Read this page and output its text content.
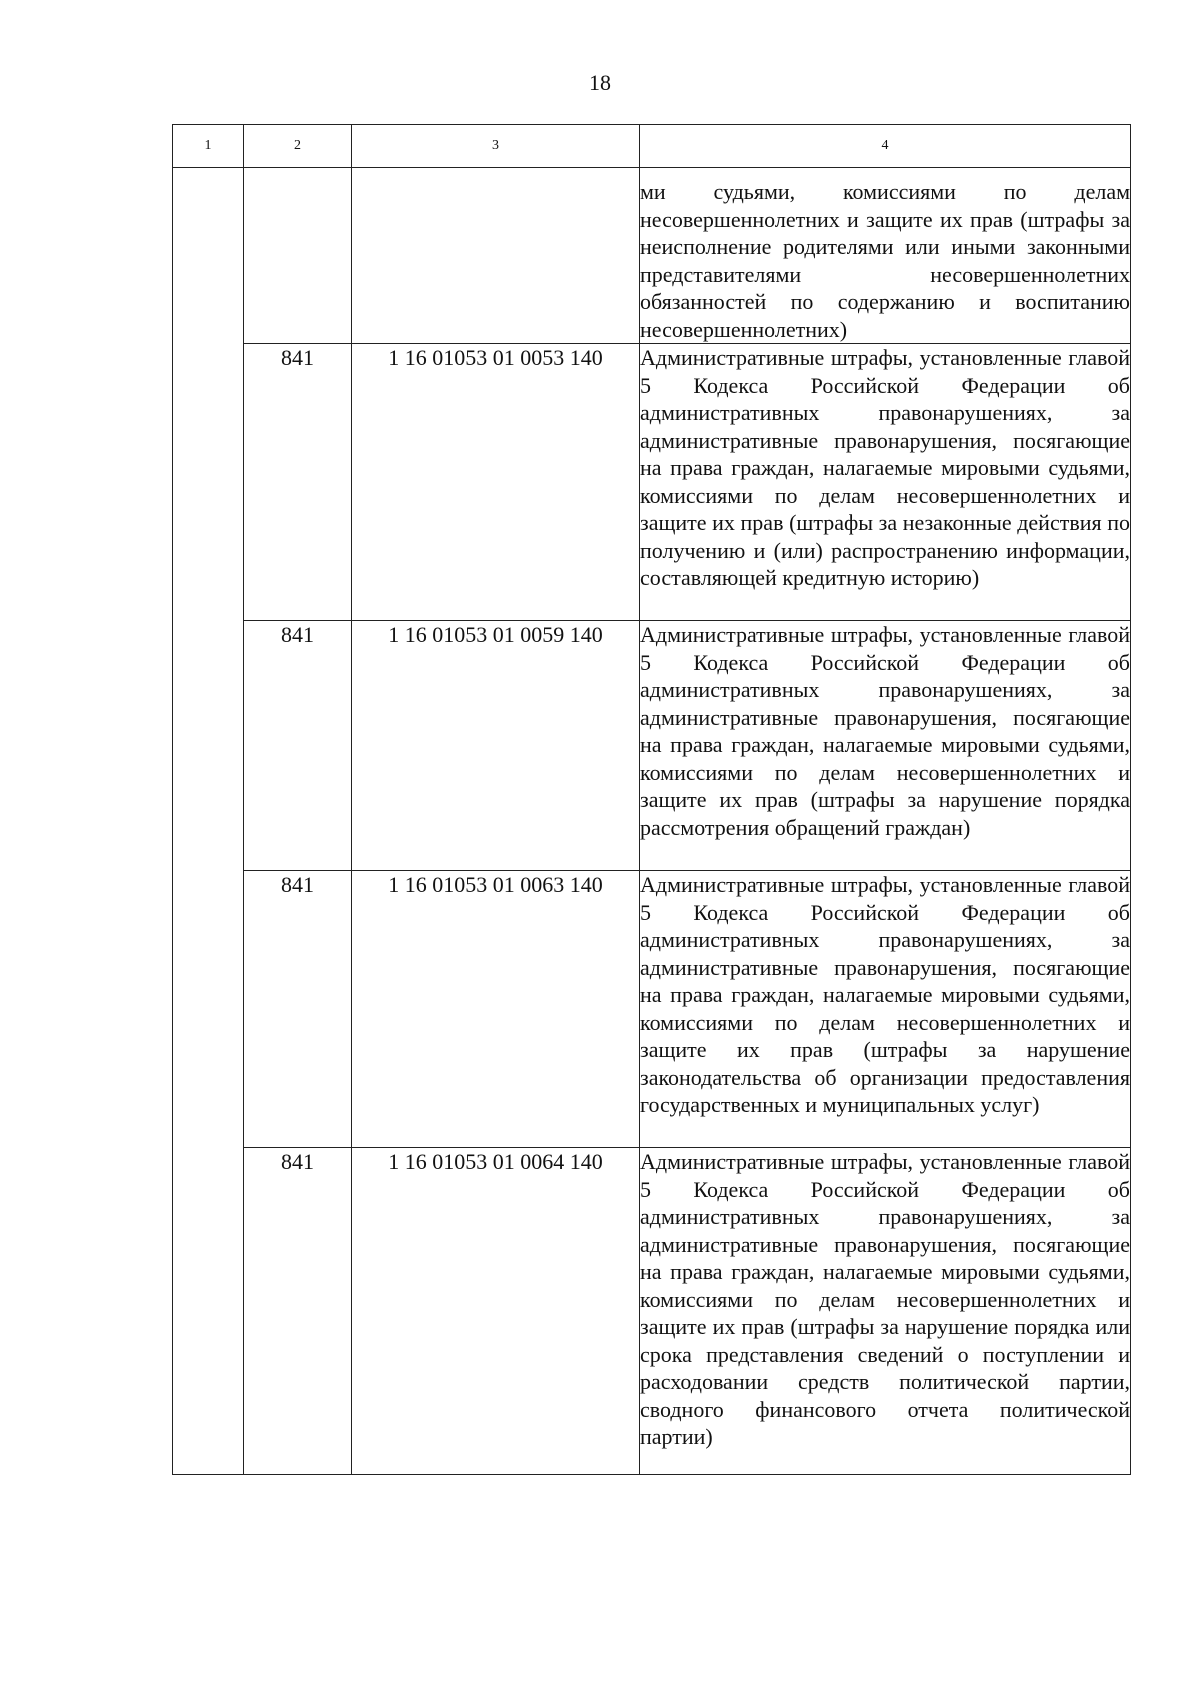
18
1	2	3	4
			ми судьями, комиссиями по делам несовершеннолетних и защите их прав (штрафы за неисполнение родителями или иными законными представителями несовершеннолетних обязанностей по содержанию и воспитанию несовершеннолетних)
	841	1 16 01053 01 0053 140	Административные штрафы, установленные главой 5 Кодекса Российской Федерации об административных правонарушениях, за административные правонарушения, посягающие на права граждан, налагаемые мировыми судьями, комиссиями по делам несовершеннолетних и защите их прав (штрафы за незаконные действия по получению и (или) распространению информации, составляющей кредитную историю)
	841	1 16 01053 01 0059 140	Административные штрафы, установленные главой 5 Кодекса Российской Федерации об административных правонарушениях, за административные правонарушения, посягающие на права граждан, налагаемые мировыми судьями, комиссиями по делам несовершеннолетних и защите их прав (штрафы за нарушение порядка рассмотрения обращений граждан)
	841	1 16 01053 01 0063 140	Административные штрафы, установленные главой 5 Кодекса Российской Федерации об административных правонарушениях, за административные правонарушения, посягающие на права граждан, налагаемые мировыми судьями, комиссиями по делам несовершеннолетних и защите их прав (штрафы за нарушение законодательства об организации предоставления государственных и муниципальных услуг)
	841	1 16 01053 01 0064 140	Административные штрафы, установленные главой 5 Кодекса Российской Федерации об административных правонарушениях, за административные правонарушения, посягающие на права граждан, налагаемые мировыми судьями, комиссиями по делам несовершеннолетних и защите их прав (штрафы за нарушение порядка или срока представления сведений о поступлении и расходовании средств политической партии, сводного финансового отчета политической партии)
